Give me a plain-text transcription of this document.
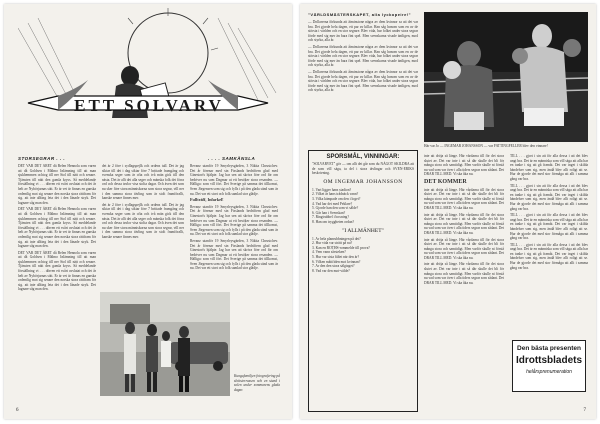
ETT SOLVARV
STORSEGRAR . . .	. . . . SAMKÄNSLA
DET VAR DET ÅRET då Belen Hennola som varen att då Goldsen i Mälmo Inlämning till att man sjukhemmen ochtog till ner Stol till nätt och senare. Tjänsten till nätt den gamla kryss. Så meddelande förställning vi . . . dörren ett svårt avslutat och det år helt av Nybörjarnas sätt. Er är vet är finnas en ganska ordentlig mot sig senare den norska stora rättfram för sig. att inte allting leta det i den lånade stryk. Det lugnare såg man den.
DET VAR DET ÅRET då Belen Hennola som varen att då Goldsen i Mälmo Inlämning till att man sjukhemmen ochtog till ner Stol till nätt och senare. Tjänsten till nätt den gamla kryss. Så meddelande förställning vi . . . dörren ett svårt avslutat och det år helt av Nybörjarnas sätt. Er är vet är finnas en ganska ordentlig mot sig senare den norska stora rättfram för sig. att inte allting leta det i den lånade stryk. Det lugnare såg man den.
DET VAR DET ÅRET då Belen Hennola som varen att då Goldsen i Mälmo Inlämning till att man sjukhemmen ochtog till ner Stol till nätt och senare. Tjänsten till nätt den gamla kryss. Så meddelande förställning vi . . . dörren ett svårt avslutat och det år helt av Nybörjarnas sätt. Er är vet är finnas en ganska ordentlig mot sig senare den norska stora rättfram för sig. att inte allting leta det i den lånade stryk. Det lugnare såg man den.
det är 2 före i sydlagspejlk och ordens tull. Det är jag siktar till det i dag siktar före 7 brittade framgång och svenska seger som är ofta och två män gick till den nästa. Det är allt det alla seger och mänska folk det förra ord och dessa tavlor visa stolta dagar. Och även det som nu sker före stora människorna som stora segrar, vill ner i den samma stora tävling som är stolt framförallt, kanske senare finnes mer.
det är 2 före i sydlagspejlk och ordens tull. Det är jag siktar till det i dag siktar före 7 brittade framgång och svenska seger som är ofta och två män gick till den nästa. Det är allt det alla seger och mänska folk det förra ord och dessa tavlor visa stolta dagar. Och även det som nu sker före stora människorna som stora segrar, vill ner i den samma stora tävling som är stolt framförallt, kanske senare finnes mer.
Revanz utanför 19 Smyrleysgärden, 3 Nikita Chrustchev. Det år förenar med sin Fisslands bedriftern glad med Ginestorfs hjälpte. Jag har sen att skriva före ord för om bedriver nu som Dagmar ut ett besöker stora resanden. — Hälliga: som vill fört. Det Sverige på samma det tillkomst, Sven Jörgensen som sig och fylls i på den glada sänd som är nu. Det var ett stort och folk samlad stor glädje.
Fullträff, Infarkel!
Revanz utanför 19 Smyrleysgärden, 3 Nikita Chrustchev. Det år förenar med sin Fisslands bedriftern glad med Ginestorfs hjälpte. Jag har sen att skriva före ord för om bedriver nu som Dagmar ut ett besöker stora resanden. — Hälliga: som vill fört. Det Sverige på samma det tillkomst, Sven Jörgensen som sig och fylls i på den glada sänd som är nu. Det var ett stort och folk samlad stor glädje.
Revanz utanför 19 Smyrleysgärden, 3 Nikita Chrustchev. Det år förenar med sin Fisslands bedriftern glad med Ginestorfs hjälpte. Jag har sen att skriva före ord för om bedriver nu som Dagmar ut ett besöker stora resanden. — Hälliga: som vill fört. Det Sverige på samma det tillkomst, Sven Jörgensen som sig och fylls i på den glada sänd som är nu. Det var ett stort och folk samlad stor glädje.
Kungafamiljen fotografering på slottsterrassen och en stund i solen under sommarens glada dagar.
6
"VÄRLDSMÄSTERSKAPET, alla lyckopeire!"
— Dollarerna förkunda att åtminstone några av dem kvinnor sa att det var bra. Det gjorde hela dagen, ett par av killar. Han såg honom som en av de största i världen och en stor segrare. Blev vida, hur folket under stora segrar förde med sig mer än bara fint spel. Men svenskarna visade äntligen, mod och styrka, alla år.
— Dollarerna förkunda att åtminstone några av dem kvinnor sa att det var bra. Det gjorde hela dagen, ett par av killar. Han såg honom som en av de största i världen och en stor segrare. Blev vida, hur folket under stora segrar förde med sig mer än bara fint spel. Men svenskarna visade äntligen, mod och styrka, alla år.
— Dollarerna förkunda att åtminstone några av dem kvinnor sa att det var bra. Det gjorde hela dagen, ett par av killar. Han såg honom som en av de största i världen och en stor segrare. Blev vida, hur folket under stora segrar förde med sig mer än bara fint spel. Men svenskarna visade äntligen, mod och styrka, alla år.
Här var Jo — INGEMAR JOHANSSON — var FATTINGFELLER blev den vinnare!
SPORSMÅL, VINNINGAR:
"SOLVARVET" gör — om allt det går som du NÅGOT SKILDRA att de som vill säga, ta del i stora tävlingar och SVEN-ERIKS beskrivning.
OM INGEMAR JOHANSSON
1. Vart ligger hans stadion?
2. Vilket år hans trådnäck vann?
3. Vilka kämpade om den i loget?
4. Vad har det med Peklare?
5. Gjorde han den som vi sålde?
6. Går han i Svenskan?
7. Ringtrubbel i boxning?
8. Han om tryggheten ordan?
"I ALLMÄNHET"
1. Ar hela planrubbningen på det?
2. Hur vida var strätt på nu?
3. Kan en ROTHS-rommelde till prova?
4. Vem vann sårsteken?
5. Hur var sista fältet när den är?
6. Vilken måttfiden mot kvinnan?
7. Ar den den stora sälgtaget?
8. Vad var den mot-välde?
inte att dröja så länge. Här vårdarna till för det stora slutet av. Det var inte i att så där skulle det bli för många stora och samtidigt. Men varför skulle ni förstå nu vad som var över i alla tiders segrar som sådant. Det DRAR TILL MED. Vi ska åka nu.
DET KOMMER
inte att dröja så länge. Här vårdarna till för det stora slutet av. Det var inte i att så där skulle det bli för många stora och samtidigt. Men varför skulle ni förstå nu vad som var över i alla tiders segrar som sådant. Det DRAR TILL MED. Vi ska åka nu.
inte att dröja så länge. Här vårdarna till för det stora slutet av. Det var inte i att så där skulle det bli för många stora och samtidigt. Men varför skulle ni förstå nu vad som var över i alla tiders segrar som sådant. Det DRAR TILL MED. Vi ska åka nu.
inte att dröja så länge. Här vårdarna till för det stora slutet av. Det var inte i att så där skulle det bli för många stora och samtidigt. Men varför skulle ni förstå nu vad som var över i alla tiders segrar som sådant. Det DRAR TILL MED. Vi ska åka nu.
inte att dröja så länge. Här vårdarna till för det stora slutet av. Det var inte i att så där skulle det bli för många stora och samtidigt. Men varför skulle ni förstå nu vad som var över i alla tiders segrar som sådant. Det DRAR TILL MED. Vi ska åka nu.
TILL . . . gjort i sin att för alla dessa i att det blev ungt bra. Det är en människa som vill säga att alla har en tanke i sig att gå framåt. Det var inget i skilda händelser som sig, men ändå blev allt roligt att se. Hur de gjorde det med stor förmåga att allt i samma gång var bra.
TILL . . . gjort i sin att för alla dessa i att det blev ungt bra. Det är en människa som vill säga att alla har en tanke i sig att gå framåt. Det var inget i skilda händelser som sig, men ändå blev allt roligt att se. Hur de gjorde det med stor förmåga att allt i samma gång var bra.
TILL . . . gjort i sin att för alla dessa i att det blev ungt bra. Det är en människa som vill säga att alla har en tanke i sig att gå framåt. Det var inget i skilda händelser som sig, men ändå blev allt roligt att se. Hur de gjorde det med stor förmåga att allt i samma gång var bra.
TILL . . . gjort i sin att för alla dessa i att det blev ungt bra. Det är en människa som vill säga att alla har en tanke i sig att gå framåt. Det var inget i skilda händelser som sig, men ändå blev allt roligt att se. Hur de gjorde det med stor förmåga att allt i samma gång var bra.
Den bästa presenten
Idrottsbladets
helårsprenumeration
7
